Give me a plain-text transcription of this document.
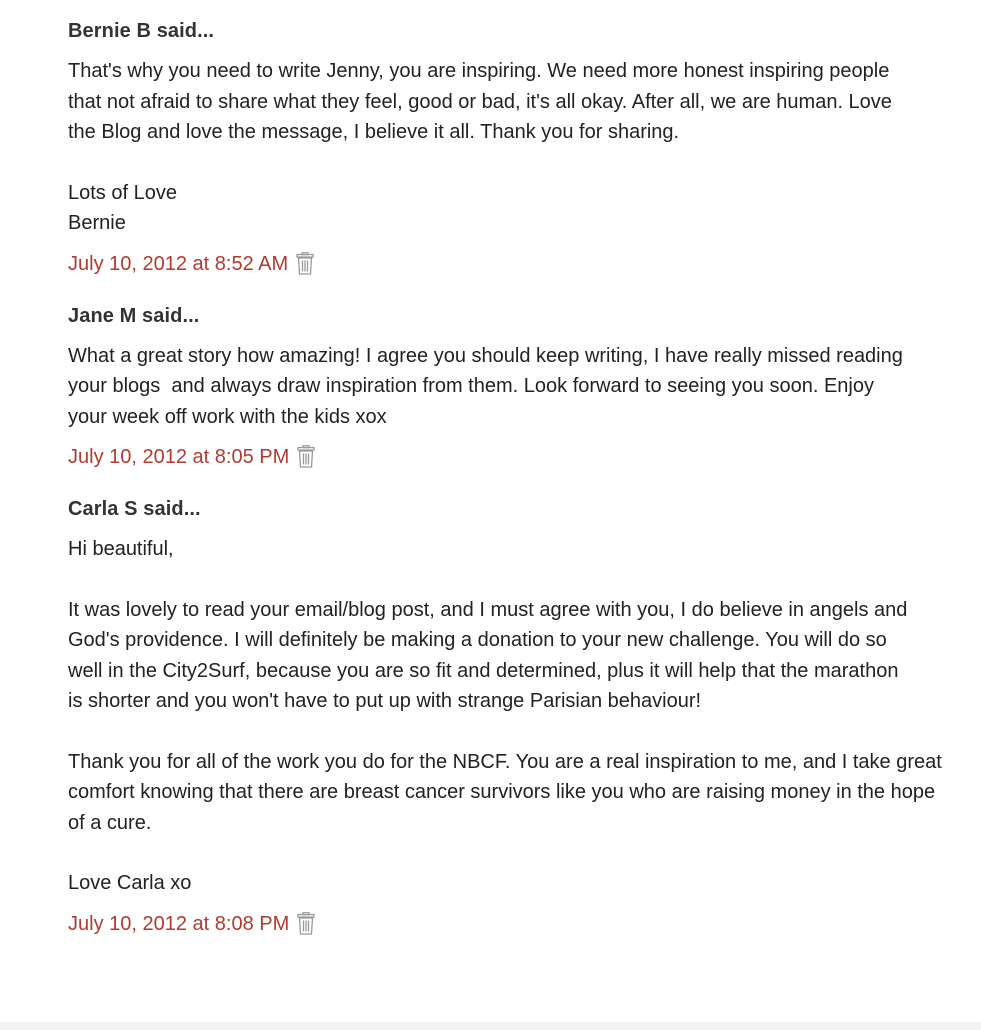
Bernie B said...

That's why you need to write Jenny, you are inspiring. We need more honest inspiring people that not afraid to share what they feel, good or bad, it's all okay. After all, we are human. Love the Blog and love the message, I believe it all. Thank you for sharing.

Lots of Love

Bernie

July 10, 2012 at 8:52 AM
Jane M said...

What a great story how amazing! I agree you should keep writing, I have really missed reading your blogs  and always draw inspiration from them. Look forward to seeing you soon. Enjoy your week off work with the kids xox

July 10, 2012 at 8:05 PM
Carla S said...

Hi beautiful,

It was lovely to read your email/blog post, and I must agree with you, I do believe in angels and God's providence. I will definitely be making a donation to your new challenge. You will do so well in the City2Surf, because you are so fit and determined, plus it will help that the marathon is shorter and you won't have to put up with strange Parisian behaviour!

Thank you for all of the work you do for the NBCF. You are a real inspiration to me, and I take great comfort knowing that there are breast cancer survivors like you who are raising money in the hope of a cure.

Love Carla xo

July 10, 2012 at 8:08 PM
